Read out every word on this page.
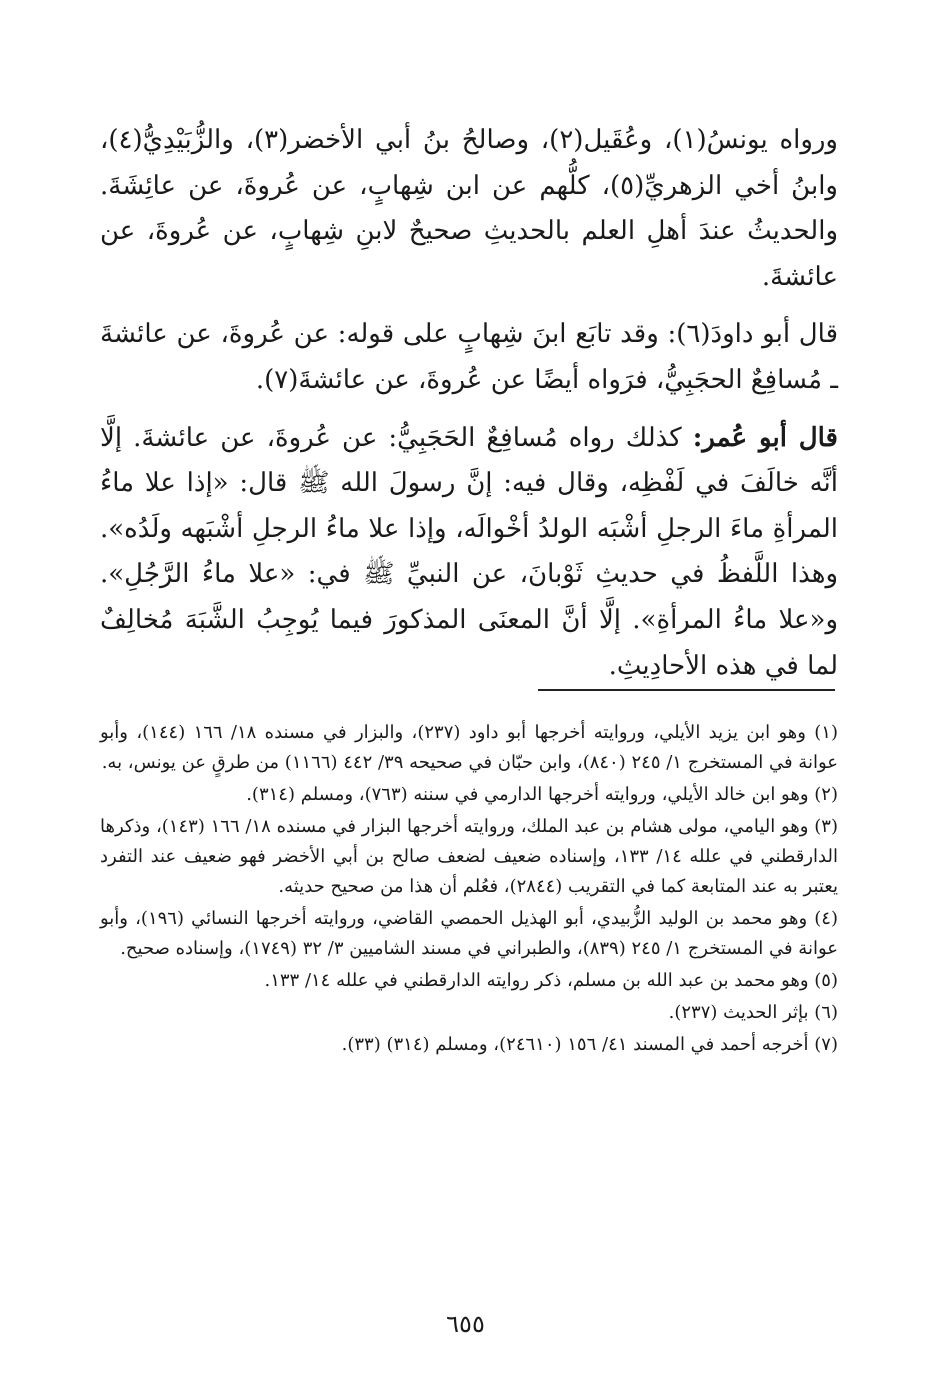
ورواه يونسُ(١)، وعُقَيل(٢)، وصالحُ بنُ أبي الأخضر(٣)، والزُّبَيْدِيُّ(٤)، وابنُ أخي الزهريِّ(٥)، كلُّهم عن ابن شِهابٍ، عن عُروةَ، عن عائِشَةَ. والحديثُ عندَ أهلِ العلم بالحديثِ صحيحٌ لابنِ شِهابٍ، عن عُروةَ، عن عائشةَ.

قال أبو داودَ(٦): وقد تابَع ابنَ شِهابٍ على قوله: عن عُروةَ، عن عائشةَ ـ مُسافِعٌ الحجَبِيُّ، فرَواه أيضًا عن عُروةَ، عن عائشةَ(٧).

قال أبو عُمر: كذلك رواه مُسافِعٌ الحَجَبِيُّ: عن عُروةَ، عن عائشةَ. إلَّا أنَّه خالَفَ في لَفْظِه، وقال فيه: إنَّ رسولَ الله ﷺ قال: «إذا علا ماءُ المرأةِ ماءَ الرجلِ أشْبَه الولدُ أخْوالَه، وإذا علا ماءُ الرجلِ أشْبَهه ولَدُه». وهذا اللَّفظُ في حديثِ ثَوْبانَ، عن النبيِّ ﷺ في: «علا ماءُ الرَّجُلِ». و«علا ماءُ المرأةِ». إلَّا أنَّ المعنَى المذكورَ فيما يُوجِبُ الشَّبَهَ مُخالِفٌ لما في هذه الأحادِيثِ.

(١) وهو ابن يزيد الأيلي، وروايته أخرجها أبو داود (٢٣٧)، والبزار في مسنده ١٨/ ١٦٦ (١٤٤)، وأبو عوانة في المستخرج ١/ ٢٤٥ (٨٤٠)، وابن حبّان في صحيحه ٣٩/ ٤٤٢ (١١٦٦) من طرقٍ عن يونس، به.

(٢) وهو ابن خالد الأيلي، وروايته أخرجها الدارمي في سننه (٧٦٣)، ومسلم (٣١٤).

(٣) وهو اليامي، مولى هشام بن عبد الملك، وروايته أخرجها البزار في مسنده ١٨/ ١٦٦ (١٤٣)، وذكرها الدارقطني في علله ١٤/ ١٣٣، وإسناده ضعيف لضعف صالح بن أبي الأخضر فهو ضعيف عند التفرد يعتبر به عند المتابعة كما في التقريب (٢٨٤٤)، فعُلم أن هذا من صحيح حديثه.

(٤) وهو محمد بن الوليد الزُّبيدي، أبو الهذيل الحمصي القاضي، وروايته أخرجها النسائي (١٩٦)، وأبو عوانة في المستخرج ١/ ٢٤٥ (٨٣٩)، والطبراني في مسند الشاميين ٣/ ٣٢ (١٧٤٩)، وإسناده صحيح.

(٥) وهو محمد بن عبد الله بن مسلم، ذكر روايته الدارقطني في علله ١٤/ ١٣٣.

(٦) بإثر الحديث (٢٣٧).

(٧) أخرجه أحمد في المسند ٤١/ ١٥٦ (٢٤٦١٠)، ومسلم (٣١٤) (٣٣).

٦٥٥
